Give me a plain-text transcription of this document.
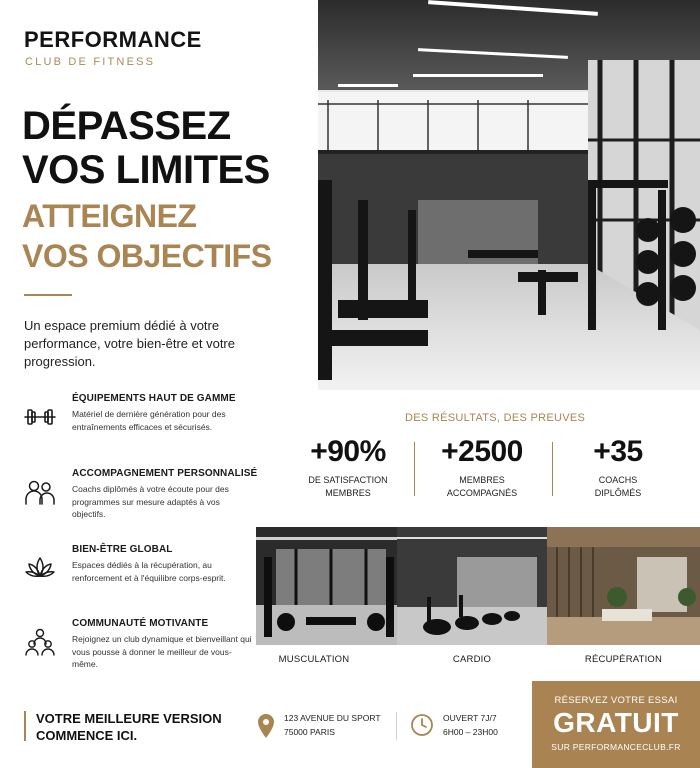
PERFORMANCE
CLUB DE FITNESS
DÉPASSEZ
VOS LIMITES
ATTEIGNEZ
VOS OBJECTIFS
Un espace premium dédié à votre performance, votre bien-être et votre progression.
ÉQUIPEMENTS HAUT DE GAMME
Matériel de dernière génération pour des entraînements efficaces et sécurisés.
ACCOMPAGNEMENT PERSONNALISÉ
Coachs diplômés à votre écoute pour des programmes sur mesure adaptés à vos objectifs.
BIEN-ÊTRE GLOBAL
Espaces dédiés à la récupération, au renforcement et à l'équilibre corps-esprit.
COMMUNAUTÉ MOTIVANTE
Rejoignez un club dynamique et bienveillant qui vous pousse à donner le meilleur de vous-même.
VOTRE MEILLEURE VERSION
COMMENCE ICI.
DES RÉSULTATS, DES PREUVES
+90%
DE SATISFACTION MEMBRES
+2500
MEMBRES ACCOMPAGNÉS
+35
COACHS DIPLÔMÉS
MUSCULATION	CARDIO	RÉCUPÉRATION
123 AVENUE DU SPORT
75000 PARIS
OUVERT 7J/7
6H00 – 23H00
RÉSERVEZ VOTRE ESSAI
GRATUIT
SUR PERFORMANCECLUB.FR
